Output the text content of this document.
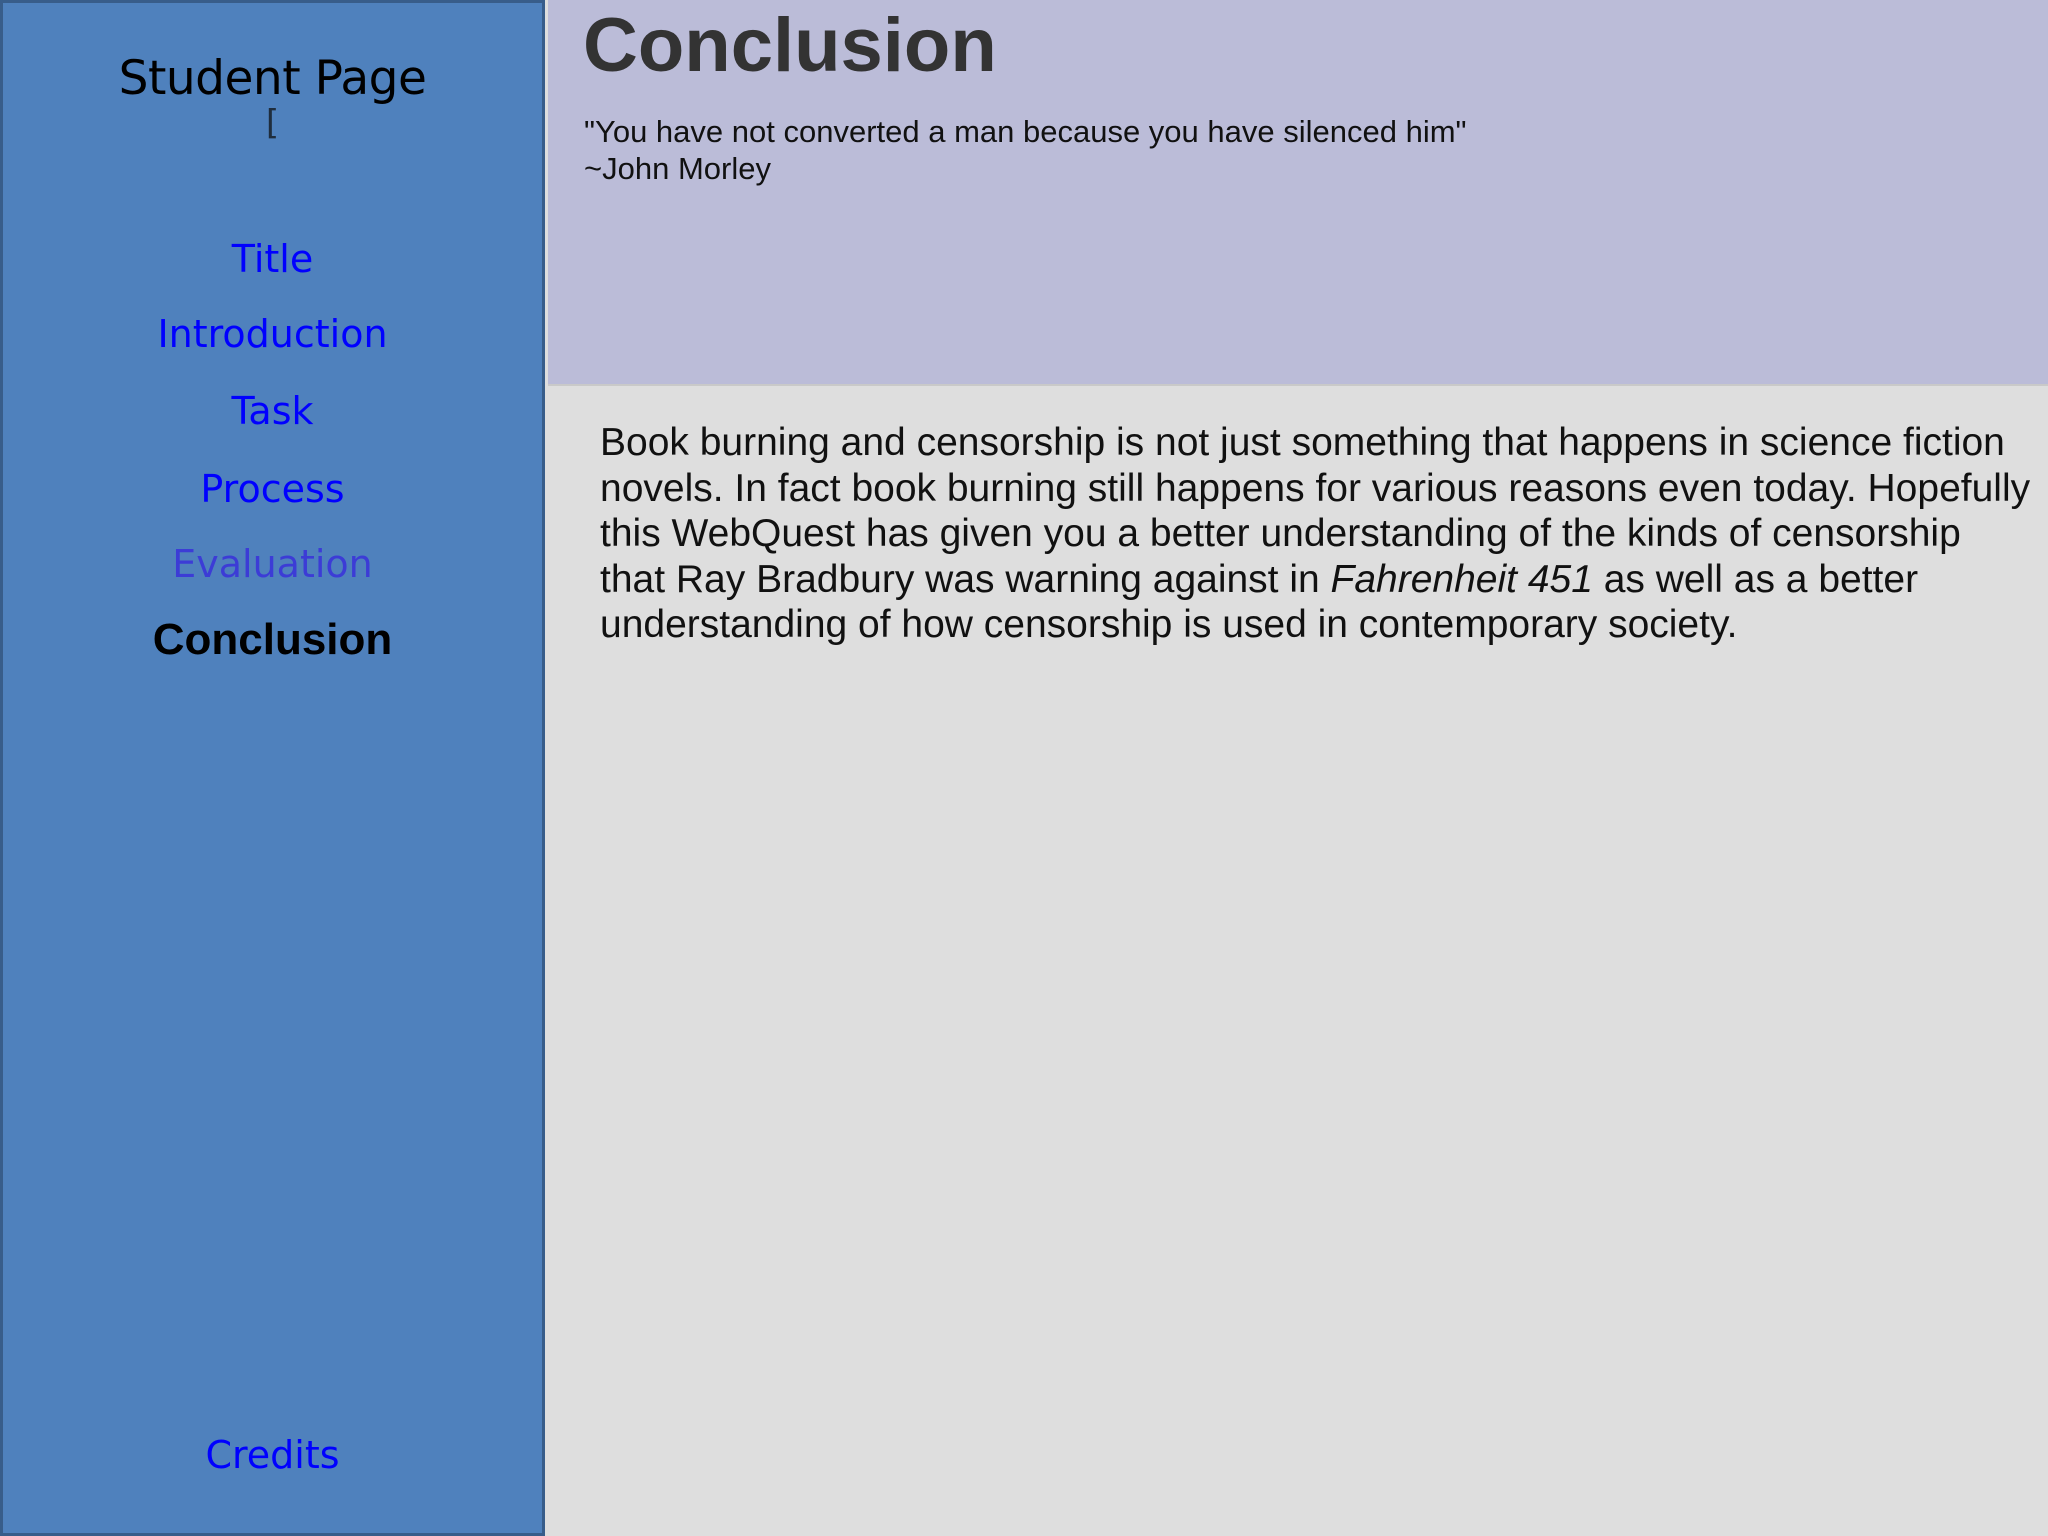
Student Page
[
Title
Introduction
Task
Process
Evaluation
Conclusion
Credits
Conclusion
"You have not converted a man because you have silenced him"
~John Morley

Book burning and censorship is not just something that happens in science fiction novels. In fact book burning still happens for various reasons even today. Hopefully this WebQuest has given you a better understanding of the kinds of censorship that Ray Bradbury was warning against in Fahrenheit 451 as well as a better understanding of how censorship is used in contemporary society.
